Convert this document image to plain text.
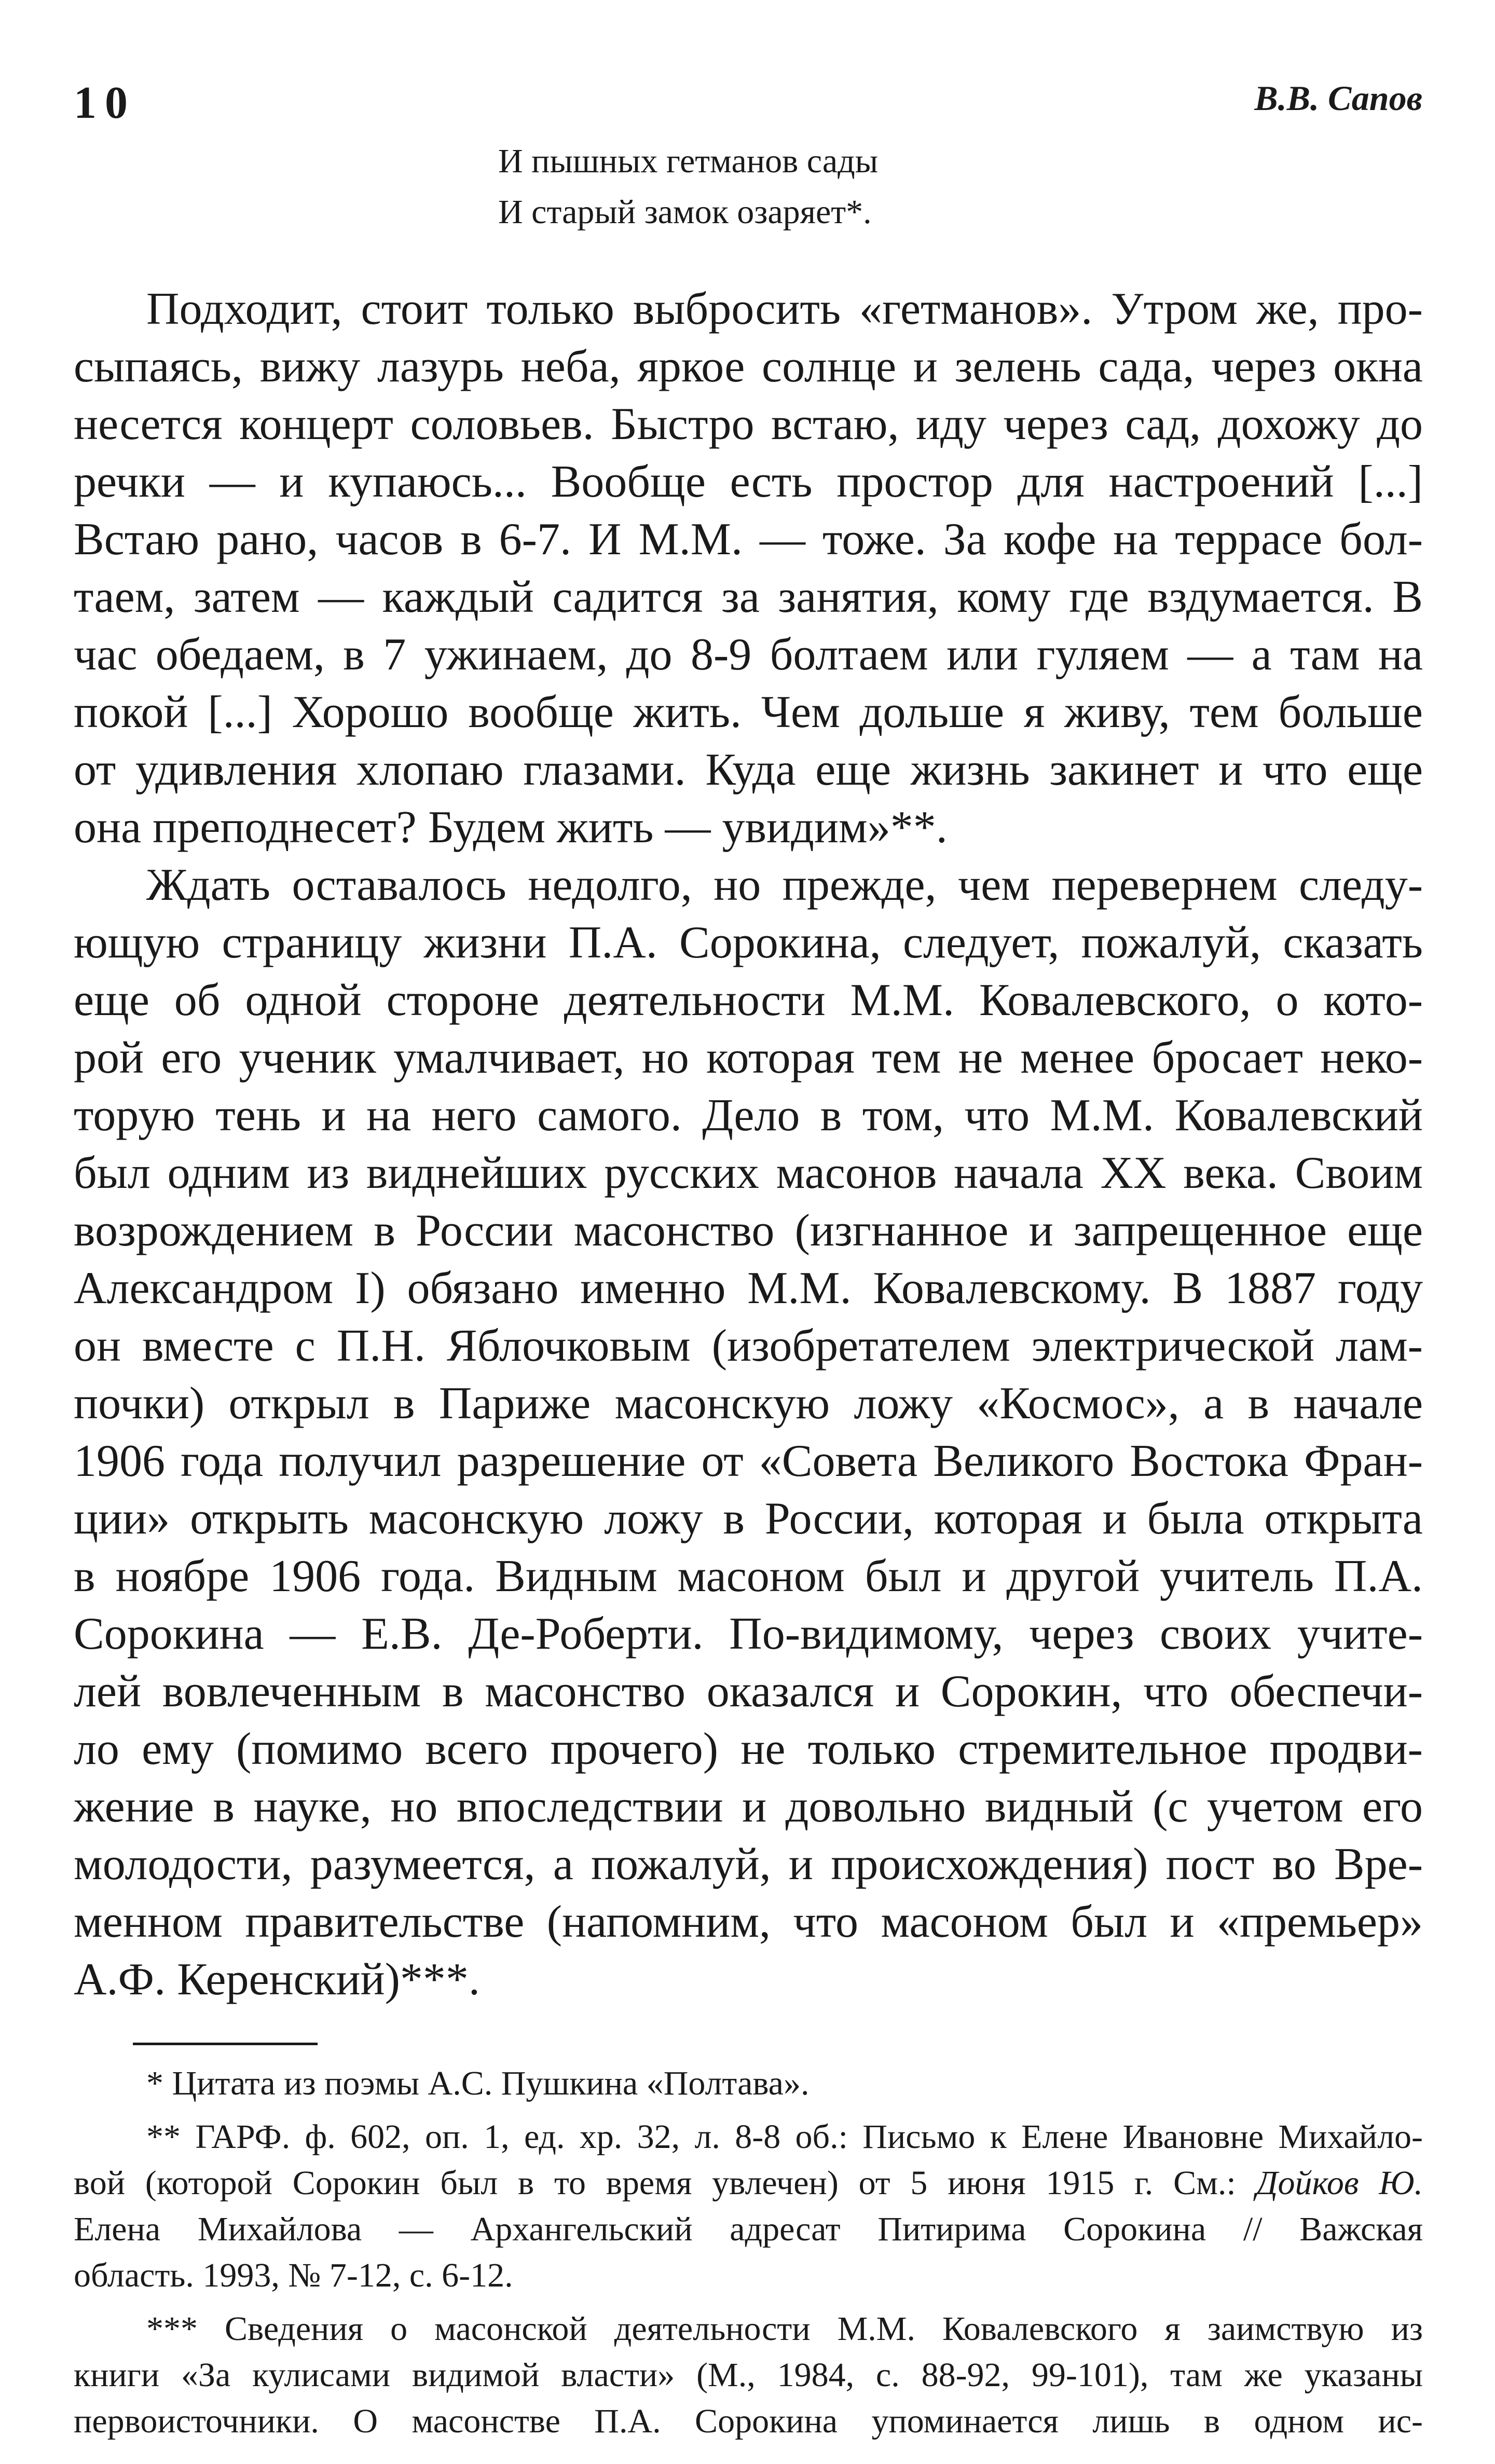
10	В.В. Сапов
И пышных гетманов сады
И старый замок озаряет*.
Подходит, стоит только выбросить «гетманов». Утром же, про-
сыпаясь, вижу лазурь неба, яркое солнце и зелень сада, через окна
несется концерт соловьев. Быстро встаю, иду через сад, дохожу до
речки — и купаюсь... Вообще есть простор для настроений [...]
Встаю рано, часов в 6-7. И М.М. — тоже. За кофе на террасе бол-
таем, затем — каждый садится за занятия, кому где вздумается. В
час обедаем, в 7 ужинаем, до 8-9 болтаем или гуляем — а там на
покой [...] Хорошо вообще жить. Чем дольше я живу, тем больше
от удивления хлопаю глазами. Куда еще жизнь закинет и что еще
она преподнесет? Будем жить — увидим»**.
Ждать оставалось недолго, но прежде, чем перевернем следу-
ющую страницу жизни П.А. Сорокина, следует, пожалуй, сказать
еще об одной стороне деятельности М.М. Ковалевского, о кото-
рой его ученик умалчивает, но которая тем не менее бросает неко-
торую тень и на него самого. Дело в том, что М.М. Ковалевский
был одним из виднейших русских масонов начала XX века. Своим
возрождением в России масонство (изгнанное и запрещенное еще
Александром I) обязано именно М.М. Ковалевскому. В 1887 году
он вместе с П.Н. Яблочковым (изобретателем электрической лам-
почки) открыл в Париже масонскую ложу «Космос», а в начале
1906 года получил разрешение от «Совета Великого Востока Фран-
ции» открыть масонскую ложу в России, которая и была открыта
в ноябре 1906 года. Видным масоном был и другой учитель П.А.
Сорокина — Е.В. Де-Роберти. По-видимому, через своих учите-
лей вовлеченным в масонство оказался и Сорокин, что обеспечи-
ло ему (помимо всего прочего) не только стремительное продви-
жение в науке, но впоследствии и довольно видный (с учетом его
молодости, разумеется, а пожалуй, и происхождения) пост во Вре-
менном правительстве (напомним, что масоном был и «премьер»
А.Ф. Керенский)***.
* Цитата из поэмы А.С. Пушкина «Полтава».
** ГАРФ. ф. 602, оп. 1, ед. хр. 32, л. 8-8 об.: Письмо к Елене Ивановне Михайло-
вой (которой Сорокин был в то время увлечен) от 5 июня 1915 г. См.: Дойков Ю.
Елена Михайлова — Архангельский адресат Питирима Сорокина // Важская
область. 1993, № 7-12, с. 6-12.
*** Сведения о масонской деятельности М.М. Ковалевского я заимствую из
книги «За кулисами видимой власти» (М., 1984, с. 88-92, 99-101), там же указаны
первоисточники. О масонстве П.А. Сорокина упоминается лишь в одном ис-
